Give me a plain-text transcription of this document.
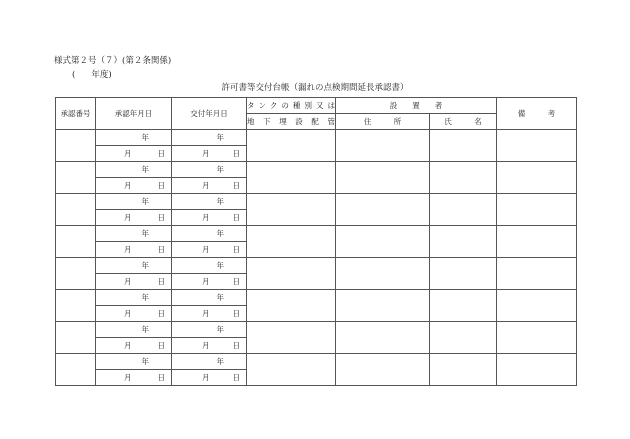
様式第２号（７）(第２条関係)
( 年度)
許可書等交付台帳（漏れの点検期間延長承認書）
承認番号	承認年月日	交付年月日	タンクの種別又は	設　　置　　者		備　　　考
			地下埋設配管	住　　　所	氏　　　名	

	年	年				

	月 日	月 日				

	年	年				

	月 日	月 日				

	年	年				

	月 日	月 日				

	年	年				

	月 日	月 日				

	年	年				

	月 日	月 日				

	年	年				

	月 日	月 日				

	年	年				

	月 日	月 日				

	年	年				

	月 日	月 日				
